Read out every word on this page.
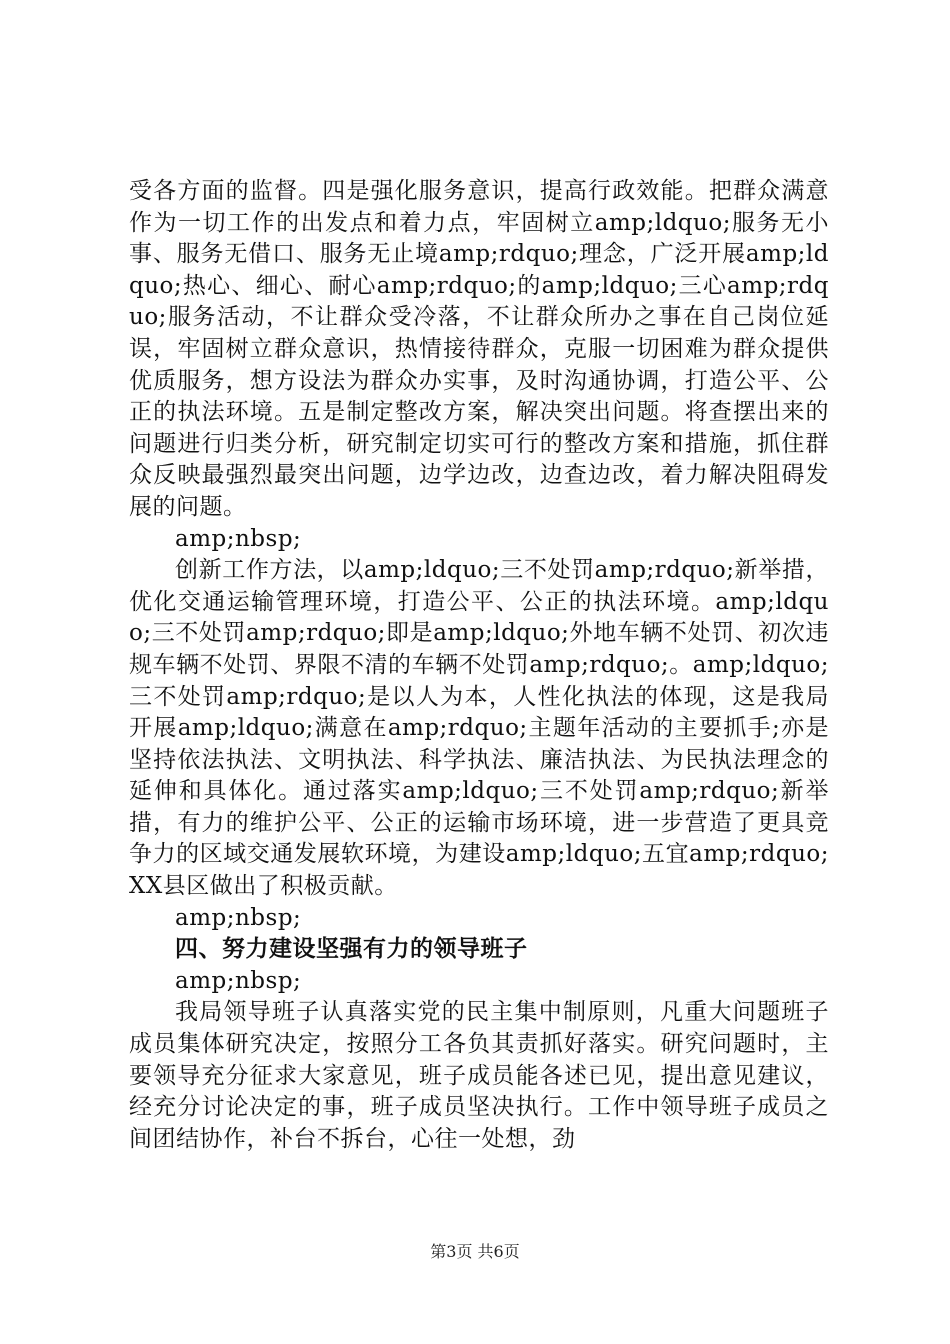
受各方面的监督。四是强化服务意识，提高行政效能。把群众满意作为一切工作的出发点和着力点，牢固树立amp;ldquo;服务无小事、服务无借口、服务无止境amp;rdquo;理念，广泛开展amp;ldquo;热心、细心、耐心amp;rdquo;的amp;ldquo;三心amp;rdquo;服务活动，不让群众受冷落，不让群众所办之事在自己岗位延误，牢固树立群众意识，热情接待群众，克服一切困难为群众提供优质服务，想方设法为群众办实事，及时沟通协调，打造公平、公正的执法环境。五是制定整改方案，解决突出问题。将查摆出来的问题进行归类分析，研究制定切实可行的整改方案和措施，抓住群众反映最强烈最突出问题，边学边改，边查边改，着力解决阻碍发展的问题。

amp;nbsp;

创新工作方法，以amp;ldquo;三不处罚amp;rdquo;新举措，优化交通运输管理环境，打造公平、公正的执法环境。amp;ldquo;三不处罚amp;rdquo;即是amp;ldquo;外地车辆不处罚、初次违规车辆不处罚、界限不清的车辆不处罚amp;rdquo;。amp;ldquo;三不处罚amp;rdquo;是以人为本，人性化执法的体现，这是我局开展amp;ldquo;满意在amp;rdquo;主题年活动的主要抓手;亦是坚持依法执法、文明执法、科学执法、廉洁执法、为民执法理念的延伸和具体化。通过落实amp;ldquo;三不处罚amp;rdquo;新举措，有力的维护公平、公正的运输市场环境，进一步营造了更具竞争力的区域交通发展软环境，为建设amp;ldquo;五宜amp;rdquo;XX县区做出了积极贡献。

amp;nbsp;

四、努力建设坚强有力的领导班子

amp;nbsp;

我局领导班子认真落实党的民主集中制原则，凡重大问题班子成员集体研究决定，按照分工各负其责抓好落实。研究问题时，主要领导充分征求大家意见，班子成员能各述已见，提出意见建议，经充分讨论决定的事，班子成员坚决执行。工作中领导班子成员之间团结协作，补台不拆台，心往一处想，劲

第3页 共6页
